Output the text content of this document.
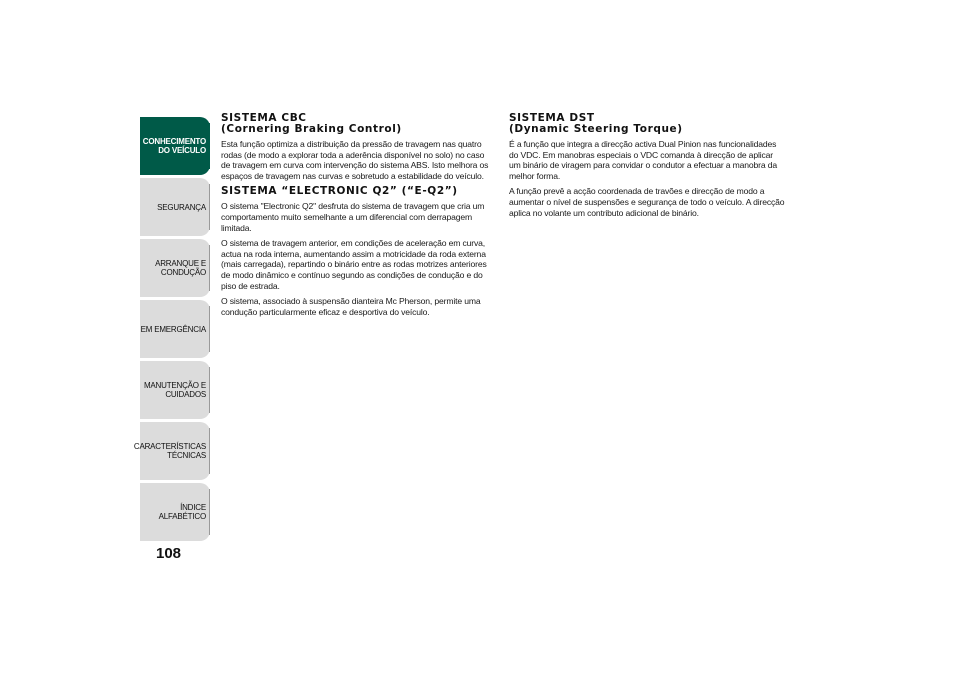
CONHECIMENTO
DO VEÍCULO
SEGURANÇA
ARRANQUE E
CONDUÇÃO
EM EMERGÊNCIA
MANUTENÇÃO E
CUIDADOS
CARACTERÍSTICAS
TÉCNICAS
ÍNDICE ALFABÉTICO
108
SISTEMA CBC
(Cornering Braking Control)

Esta função optimiza a distribuição da pressão de travagem nas quatro rodas (de modo a explorar toda a aderência disponível no solo) no caso de travagem em curva com intervenção do sistema ABS. Isto melhora os espaços de travagem nas curvas e sobretudo a estabilidade do veículo.

SISTEMA “ELECTRONIC Q2” (“E-Q2”)

O sistema "Electronic Q2" desfruta do sistema de travagem que cria um comportamento muito semelhante a um diferencial com derrapagem limitada.

O sistema de travagem anterior, em condições de aceleração em curva, actua na roda interna, aumentando assim a motricidade da roda externa (mais carregada), repartindo o binário entre as rodas motrizes anteriores de modo dinâmico e contínuo segundo as condições de condução e do piso de estrada.

O sistema, associado à suspensão dianteira Mc Pherson, permite uma condução particularmente eficaz e desportiva do veículo.

SISTEMA DST
(Dynamic Steering Torque)

É a função que integra a direcção activa Dual Pinion nas funcionalidades do VDC. Em manobras especiais o VDC comanda à direcção de aplicar um binário de viragem para convidar o condutor a efectuar a manobra da melhor forma.

A função prevê a acção coordenada de travões e direcção de modo a aumentar o nível de suspensões e segurança de todo o veículo. A direcção aplica no volante um contributo adicional de binário.
